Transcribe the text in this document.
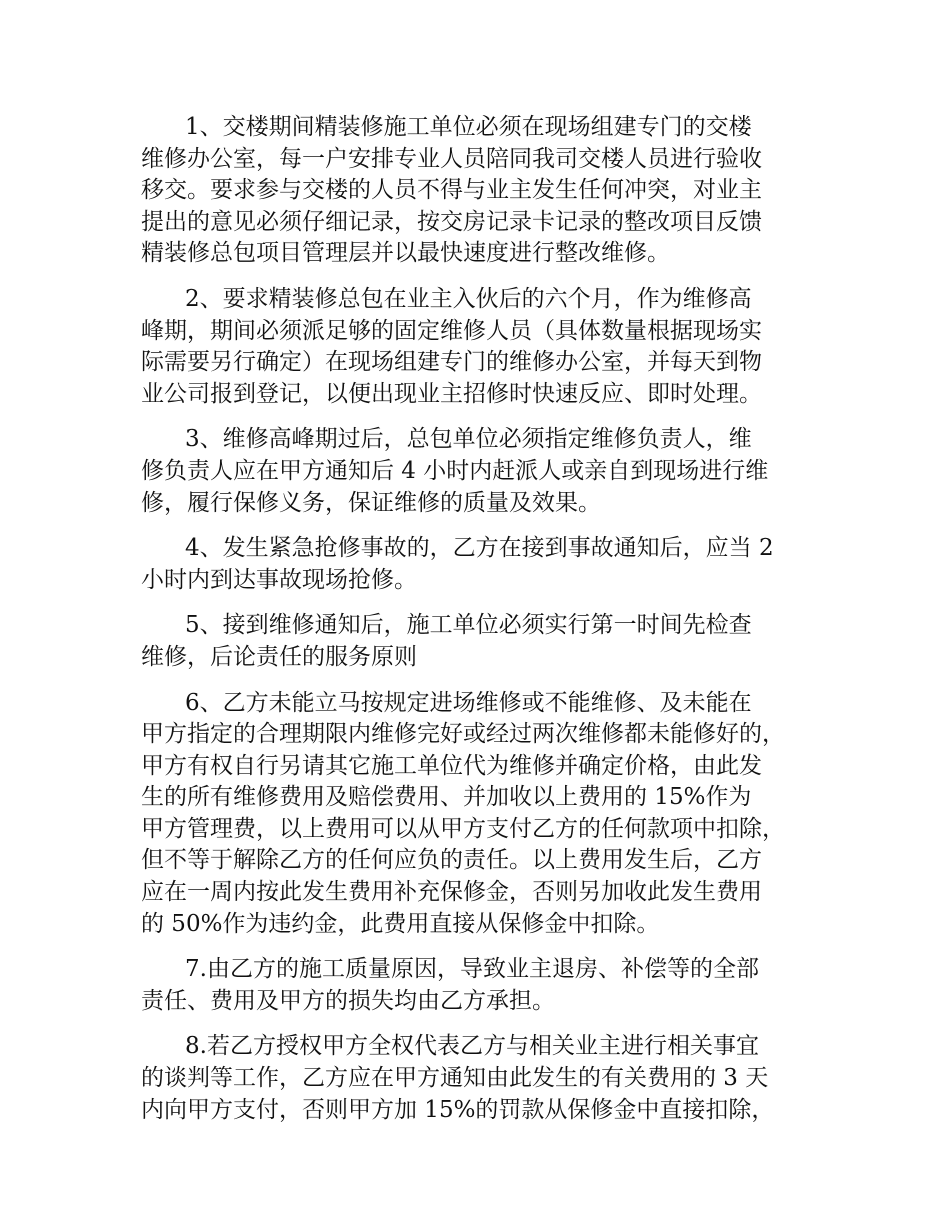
1、交楼期间精装修施工单位必须在现场组建专门的交楼
维修办公室，每一户安排专业人员陪同我司交楼人员进行验收
移交。要求参与交楼的人员不得与业主发生任何冲突，对业主
提出的意见必须仔细记录，按交房记录卡记录的整改项目反馈
精装修总包项目管理层并以最快速度进行整改维修。

2、要求精装修总包在业主入伙后的六个月，作为维修高
峰期，期间必须派足够的固定维修人员（具体数量根据现场实
际需要另行确定）在现场组建专门的维修办公室，并每天到物
业公司报到登记，以便出现业主招修时快速反应、即时处理。

3、维修高峰期过后，总包单位必须指定维修负责人，维
修负责人应在甲方通知后 4 小时内赶派人或亲自到现场进行维
修，履行保修义务，保证维修的质量及效果。

4、发生紧急抢修事故的，乙方在接到事故通知后，应当 2
小时内到达事故现场抢修。

5、接到维修通知后，施工单位必须实行第一时间先检查
维修，后论责任的服务原则

6、乙方未能立马按规定进场维修或不能维修、及未能在
甲方指定的合理期限内维修完好或经过两次维修都未能修好的，
甲方有权自行另请其它施工单位代为维修并确定价格，由此发
生的所有维修费用及赔偿费用、并加收以上费用的 15%作为
甲方管理费，以上费用可以从甲方支付乙方的任何款项中扣除，
但不等于解除乙方的任何应负的责任。以上费用发生后，乙方
应在一周内按此发生费用补充保修金，否则另加收此发生费用
的 50%作为违约金，此费用直接从保修金中扣除。

7.由乙方的施工质量原因，导致业主退房、补偿等的全部
责任、费用及甲方的损失均由乙方承担。

8.若乙方授权甲方全权代表乙方与相关业主进行相关事宜
的谈判等工作，乙方应在甲方通知由此发生的有关费用的 3 天
内向甲方支付，否则甲方加 15%的罚款从保修金中直接扣除，
